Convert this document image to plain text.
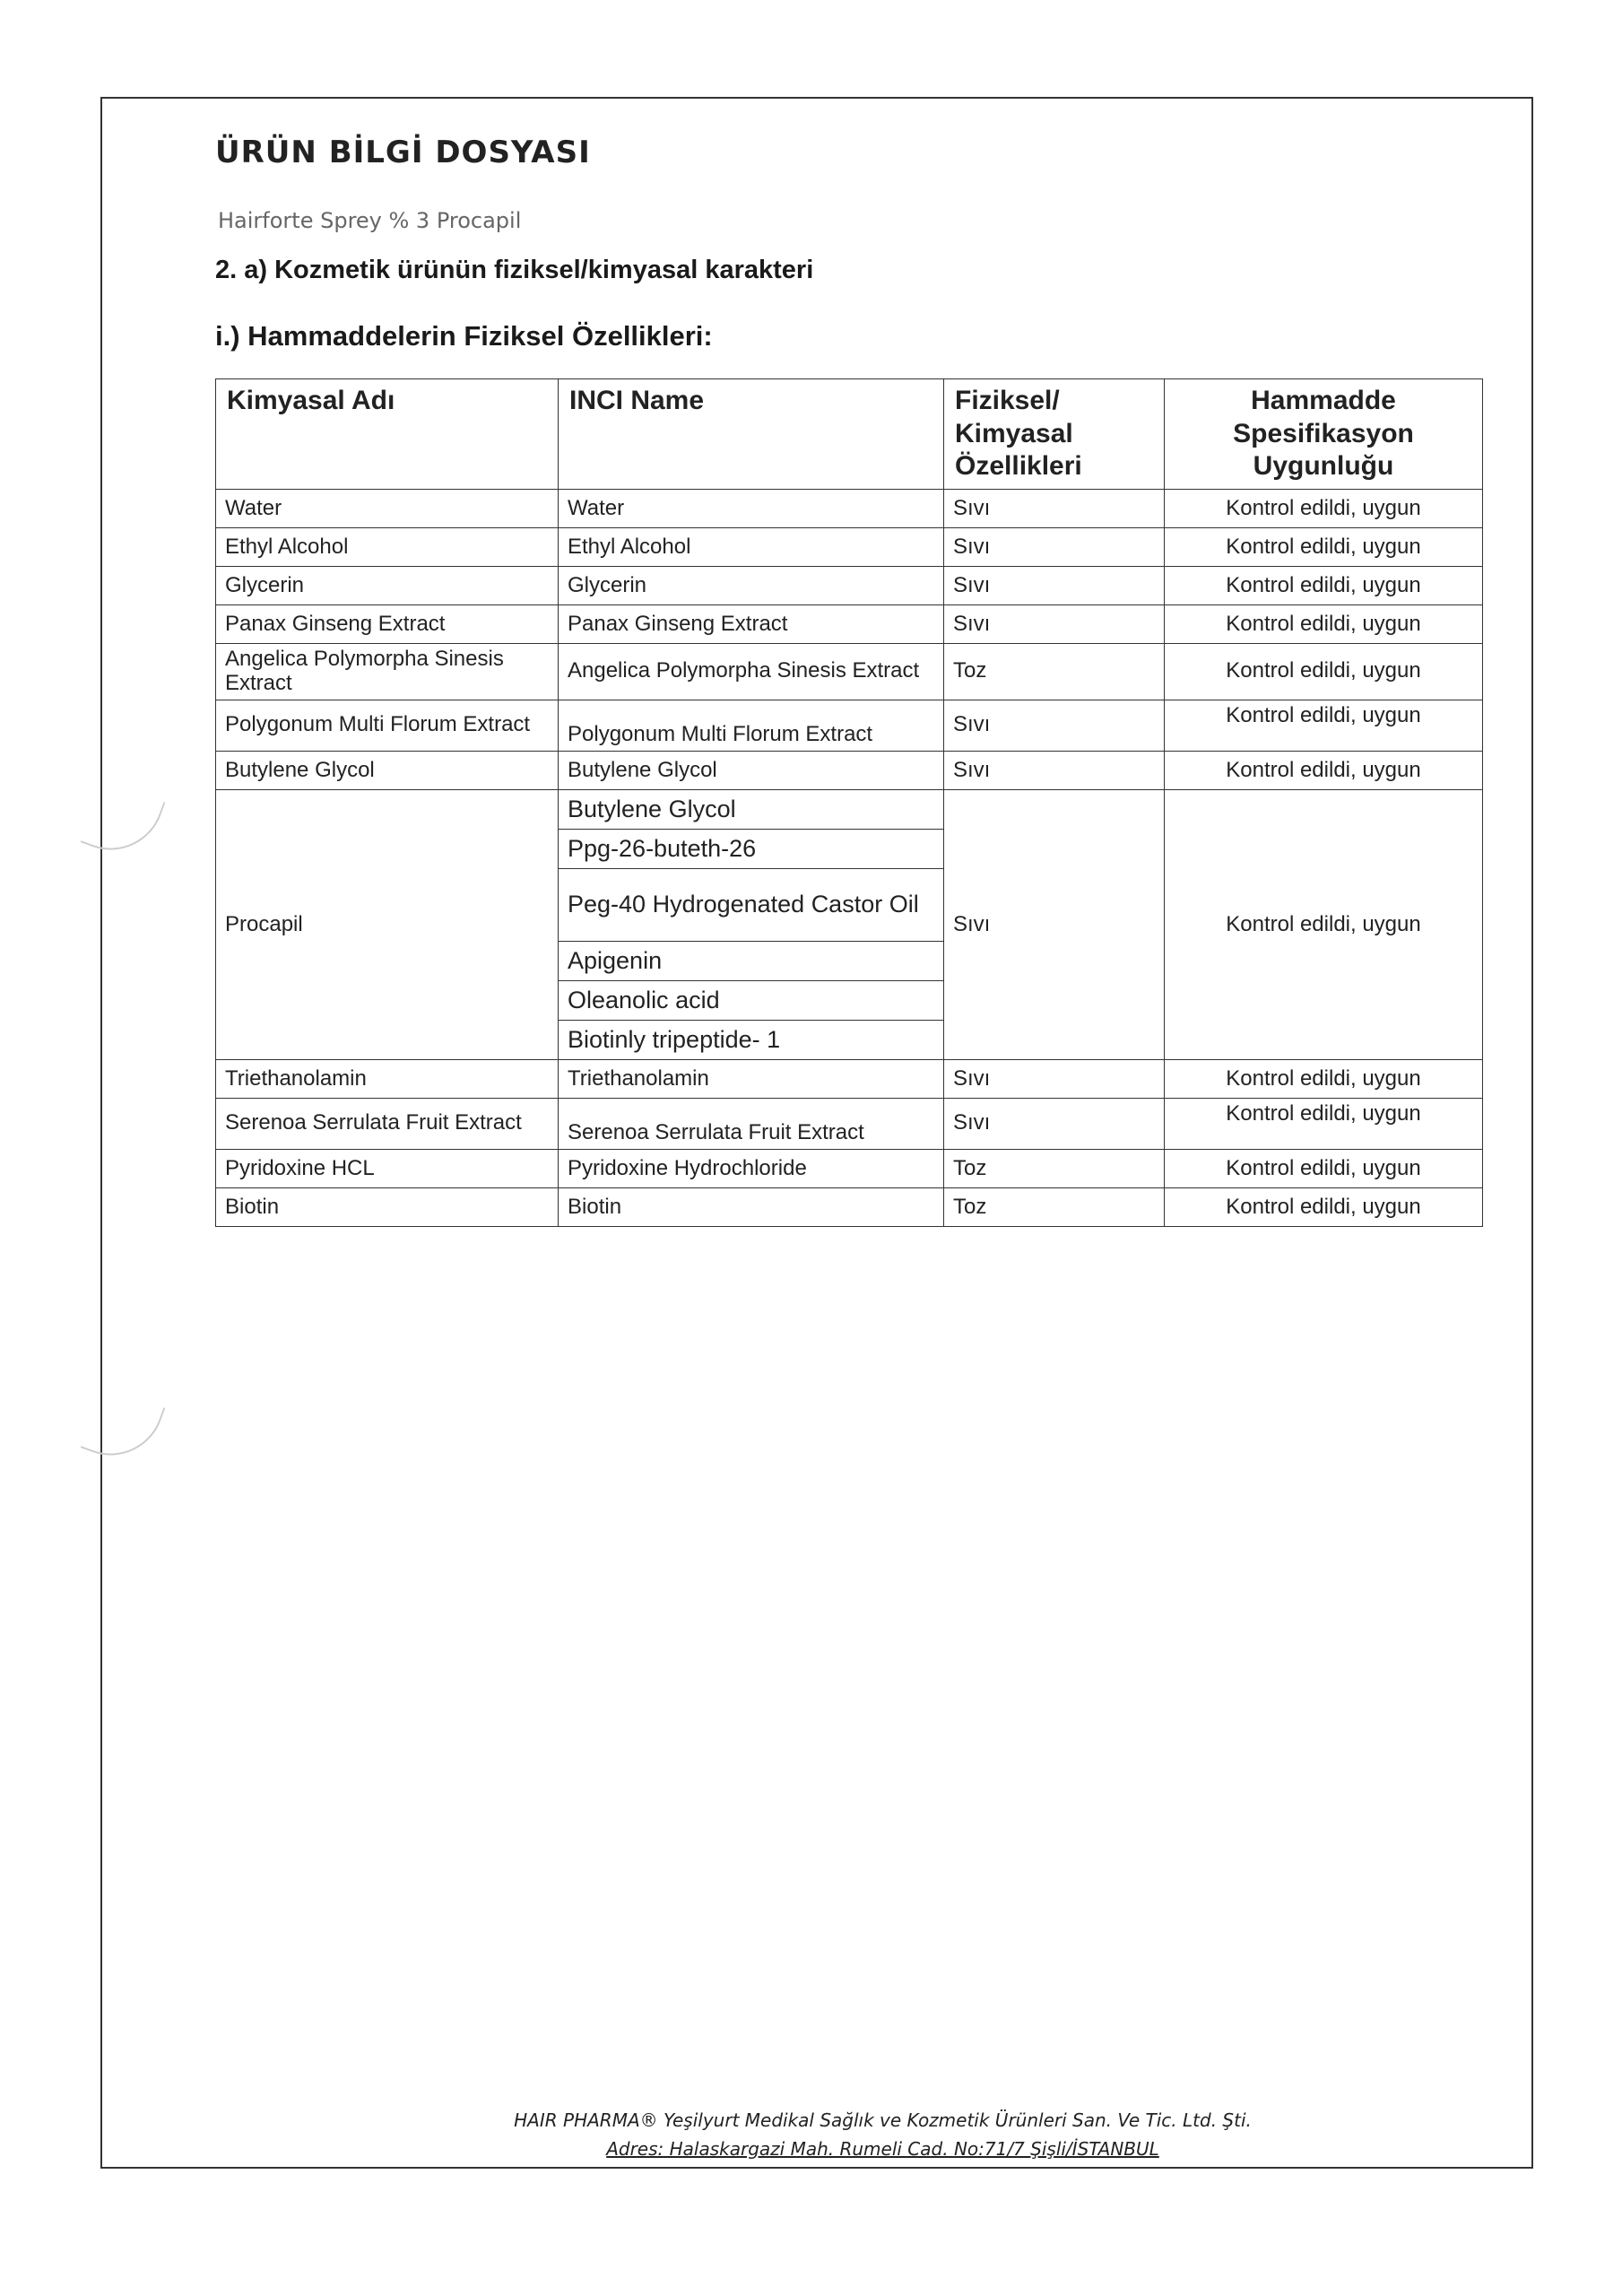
ÜRÜN BİLGİ DOSYASI

Hairforte Sprey % 3 Procapil

2. a) Kozmetik ürünün fiziksel/kimyasal karakteri
i.) Hammaddelerin Fiziksel Özellikleri:
Kimyasal Adı	INCI Name	Fiziksel/ Kimyasal Özellikleri	Hammadde Spesifikasyon Uygunluğu
Water	Water	Sıvı	Kontrol edildi, uygun
Ethyl Alcohol	Ethyl Alcohol	Sıvı	Kontrol edildi, uygun
Glycerin	Glycerin	Sıvı	Kontrol edildi, uygun
Panax Ginseng Extract	Panax Ginseng Extract	Sıvı	Kontrol edildi, uygun
Angelica Polymorpha Sinesis Extract	Angelica Polymorpha Sinesis Extract	Toz	Kontrol edildi, uygun
Polygonum Multi Florum Extract	Polygonum Multi Florum Extract	Sıvı	Kontrol edildi, uygun
Butylene Glycol	Butylene Glycol	Sıvı	Kontrol edildi, uygun
Procapil	Butylene Glycol	Sıvı	Kontrol edildi, uygun
	Ppg-26-buteth-26		
	Peg-40 Hydrogenated Castor Oil		
	Apigenin		
	Oleanolic acid		
	Biotinly tripeptide- 1		
Triethanolamin	Triethanolamin	Sıvı	Kontrol edildi, uygun
Serenoa Serrulata Fruit Extract	Serenoa Serrulata Fruit Extract	Sıvı	Kontrol edildi, uygun
Pyridoxine HCL	Pyridoxine Hydrochloride	Toz	Kontrol edildi, uygun
Biotin	Biotin	Toz	Kontrol edildi, uygun
HAIR PHARMA® Yeşilyurt Medikal Sağlık ve Kozmetik Ürünleri San. Ve Tic. Ltd. Şti.
Adres: Halaskargazi Mah. Rumeli Cad. No:71/7 Şişli/İSTANBUL
